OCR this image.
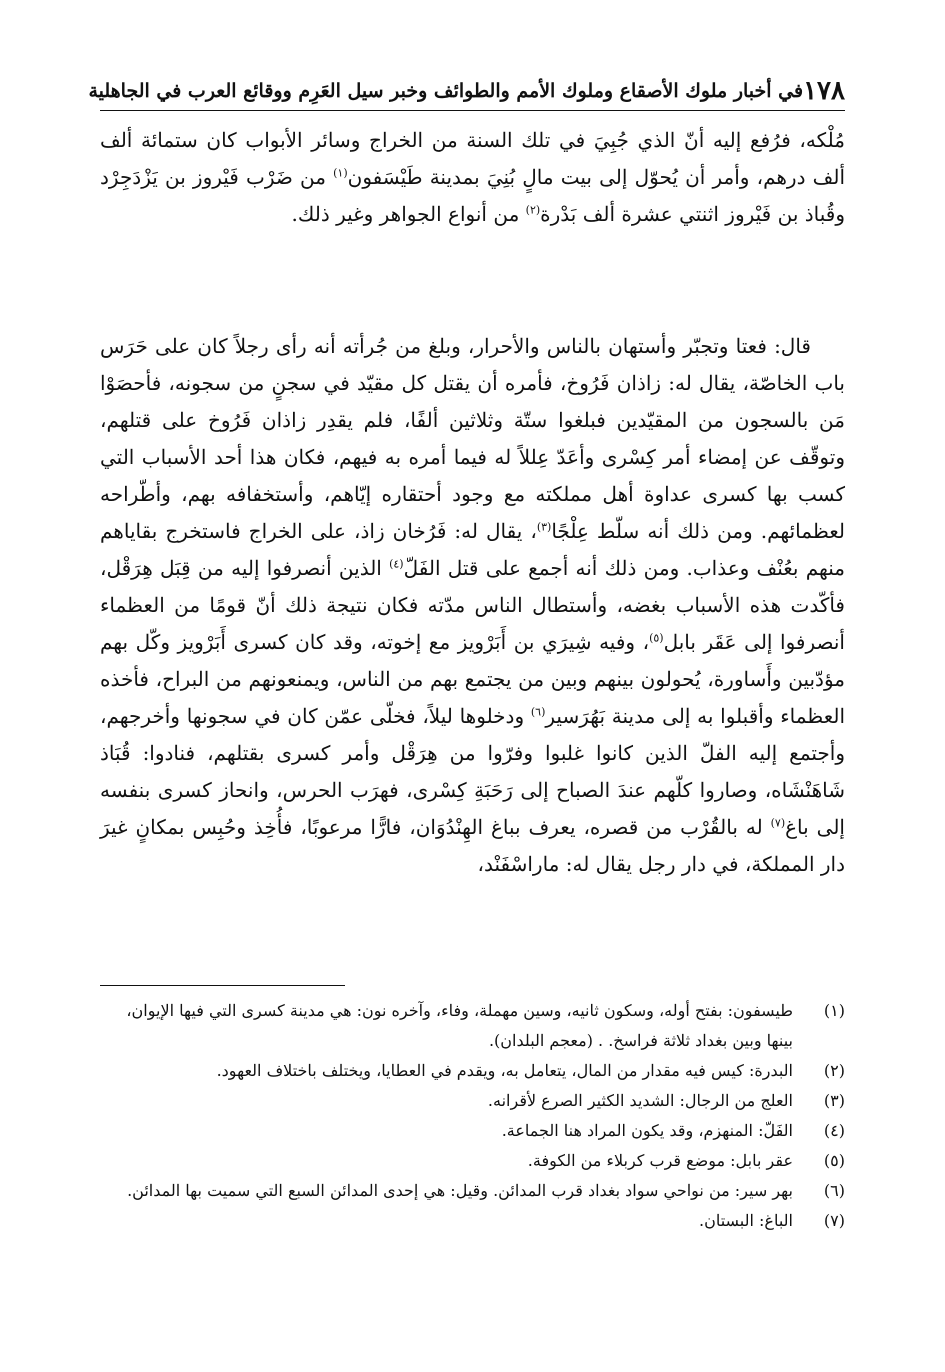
١٧٨
في أخبار ملوك الأصقاع وملوك الأمم والطوائف وخبر سيل العَرِم ووقائع العرب في الجاهلية

مُلْكه، فرُفع إليه أنّ الذي جُبِيَ في تلك السنة من الخراج وسائر الأبواب كان ستمائة ألف ألف درهم، وأمر أن يُحوّل إلى بيت مالٍ بُنِيَ بمدينة طَيْسَفون$^{(١)}$ من ضَرْب فَيْروز بن يَزْدَجِرْد وقُباذ بن فَيْروز اثنتي عشرة ألف بَدْرة$^{(٢)}$ من أنواع الجواهر وغير ذلك.

قال: فعتا وتجبّر وأستهان بالناس والأحرار، وبلغ من جُرأته أنه رأى رجلاً كان على حَرَس باب الخاصّة، يقال له: زاذان فَرُوخ، فأمره أن يقتل كل مقيّد في سجنٍ من سجونه، فأحصَوْا مَن بالسجون من المقيّدين فبلغوا ستّة وثلاثين ألفًا، فلم يقدِر زاذان فَرُوخ على قتلهم، وتوقّف عن إمضاء أمر كِسْرى وأعَدّ عِللاً له فيما أمره به فيهم، فكان هذا أحد الأسباب التي كسب بها كسرى عداوة أهل مملكته مع وجود أحتقاره إيّاهم، وأستخفافه بهم، وأطّراحه لعظمائهم. ومن ذلك أنه سلّط عِلْجًا$^{(٣)}$، يقال له: فَرُخان زاذ، على الخراج فاستخرج بقاياهم منهم بعُنْف وعذاب. ومن ذلك أنه أجمع على قتل الفَلّ$^{(٤)}$ الذين أنصرفوا إليه من قِبَل هِرَقْل، فأكّدت هذه الأسباب بغضه، وأستطال الناس مدّته فكان نتيجة ذلك أنّ قومًا من العظماء أنصرفوا إلى عَقَر بابل$^{(٥)}$، وفيه شِيرَي بن أَبَرْويز مع إخوته، وقد كان كسرى أَبَرْويز وكّل بهم مؤدّبين وأَساورة، يُحولون بينهم وبين من يجتمع بهم من الناس، ويمنعونهم من البراح، فأخذه العظماء وأقبلوا به إلى مدينة بَهُرَسير$^{(٦)}$ ودخلوها ليلاً، فخلّى عمّن كان في سجونها وأخرجهم، وأجتمع إليه الفلّ الذين كانوا غلبوا وفرّوا من هِرَقْل وأمر كسرى بقتلهم، فنادوا: قُبَاذ شَاهَنْشَاه، وصاروا كلّهم عندَ الصباح إلى رَحَبَةِ كِسْرى، فهرَب الحرس، وانحاز كسرى بنفسه إلى باغ$^{(٧)}$ له بالقُرْب من قصره، يعرف بباغ الهِنْدُوَان، فارًّا مرعوبًا، فأُخِذ وحُبِس بمكانٍ غيرَ دار المملكة، في دار رجل يقال له: ماراسْفَنْد،

(١)
طيسفون: بفتح أوله، وسكون ثانيه، وسين مهملة، وفاء، وآخره نون: هي مدينة كسرى التي فيها الإيوان، بينها وبين بغداد ثلاثة فراسخ. . (معجم البلدان).
(٢)
البدرة: كيس فيه مقدار من المال، يتعامل به، ويقدم في العطايا، ويختلف باختلاف العهود.
(٣)
العلج من الرجال: الشديد الكثير الصرع لأقرانه.
(٤)
الفَلّ: المنهزم، وقد يكون المراد هنا الجماعة.
(٥)
عقر بابل: موضع قرب كربلاء من الكوفة.
(٦)
بهر سير: من نواحي سواد بغداد قرب المدائن. وقيل: هي إحدى المدائن السبع التي سميت بها المدائن.
(٧)
الباغ: البستان.
